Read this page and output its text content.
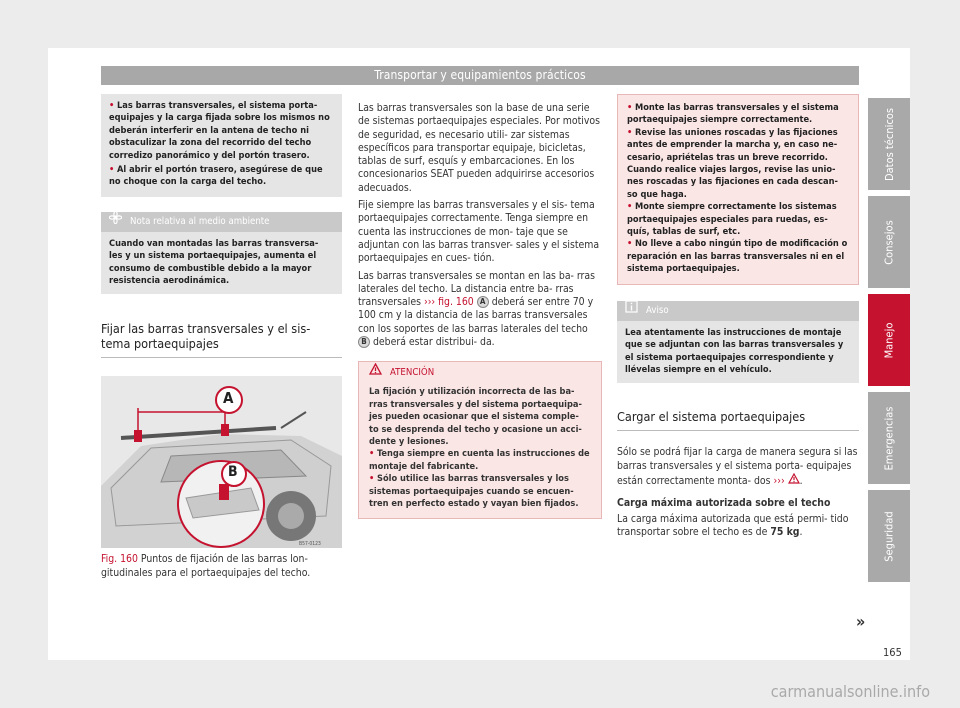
Transportar y equipamientos prácticos
• Las barras transversales, el sistema porta- equipajes y la carga fijada sobre los mismos no deberán interferir en la antena de techo ni obstaculizar la zona del recorrido del techo corredizo panorámico y del portón trasero.
• Al abrir el portón trasero, asegúrese de que no choque con la carga del techo.
Nota relativa al medio ambiente
Cuando van montadas las barras transversa- les y un sistema portaequipajes, aumenta el consumo de combustible debido a la mayor resistencia aerodinámica.
Fijar las barras transversales y el sis- tema portaequipajes
A
B
B57-0123
Fig. 160 Puntos de fijación de las barras lon- gitudinales para el portaequipajes del techo.

Las barras transversales son la base de una serie de sistemas portaequipajes especiales. Por motivos de seguridad, es necesario utili- zar sistemas específicos para transportar equipaje, bicicletas, tablas de surf, esquís y embarcaciones. En los concesionarios SEAT pueden adquirirse accesorios adecuados.

Fije siempre las barras transversales y el sis- tema portaequipajes correctamente. Tenga siempre en cuenta las instrucciones de mon- taje que se adjuntan con las barras transver- sales y el sistema portaequipajes en cues- tión.

Las barras transversales se montan en las ba- rras laterales del techo. La distancia entre ba- rras transversales ››› fig. 160 A deberá ser entre 70 y 100 cm y la distancia de las barras transversales con los soportes de las barras laterales del techo B deberá estar distribui- da.

ATENCIÓN

La fijación y utilización incorrecta de las ba- rras transversales y del sistema portaequipa- jes pueden ocasionar que el sistema comple- to se desprenda del techo y ocasione un acci- dente y lesiones.

• Tenga siempre en cuenta las instrucciones de montaje del fabricante.
• Sólo utilice las barras transversales y los sistemas portaequipajes cuando se encuen- tren en perfecto estado y vayan bien fijados.
• Monte las barras transversales y el sistema portaequipajes siempre correctamente.
• Revise las uniones roscadas y las fijaciones antes de emprender la marcha y, en caso ne- cesario, apriételas tras un breve recorrido. Cuando realice viajes largos, revise las unio- nes roscadas y las fijaciones en cada descan- so que haga.
• Monte siempre correctamente los sistemas portaequipajes especiales para ruedas, es- quís, tablas de surf, etc.
• No lleve a cabo ningún tipo de modificación o reparación en las barras transversales ni en el sistema portaequipajes.
Aviso
Lea atentamente las instrucciones de montaje que se adjuntan con las barras transversales y el sistema portaequipajes correspondiente y llévelas siempre en el vehículo.
Cargar el sistema portaequipajes
Sólo se podrá fijar la carga de manera segura si las barras transversales y el sistema porta- equipajes están correctamente monta- dos ››› .
Carga máxima autorizada sobre el techo
La carga máxima autorizada que está permi- tido transportar sobre el techo es de 75 kg.
»
Datos técnicos
Consejos
Manejo
Emergencias
Seguridad
165
carmanualsonline.info
